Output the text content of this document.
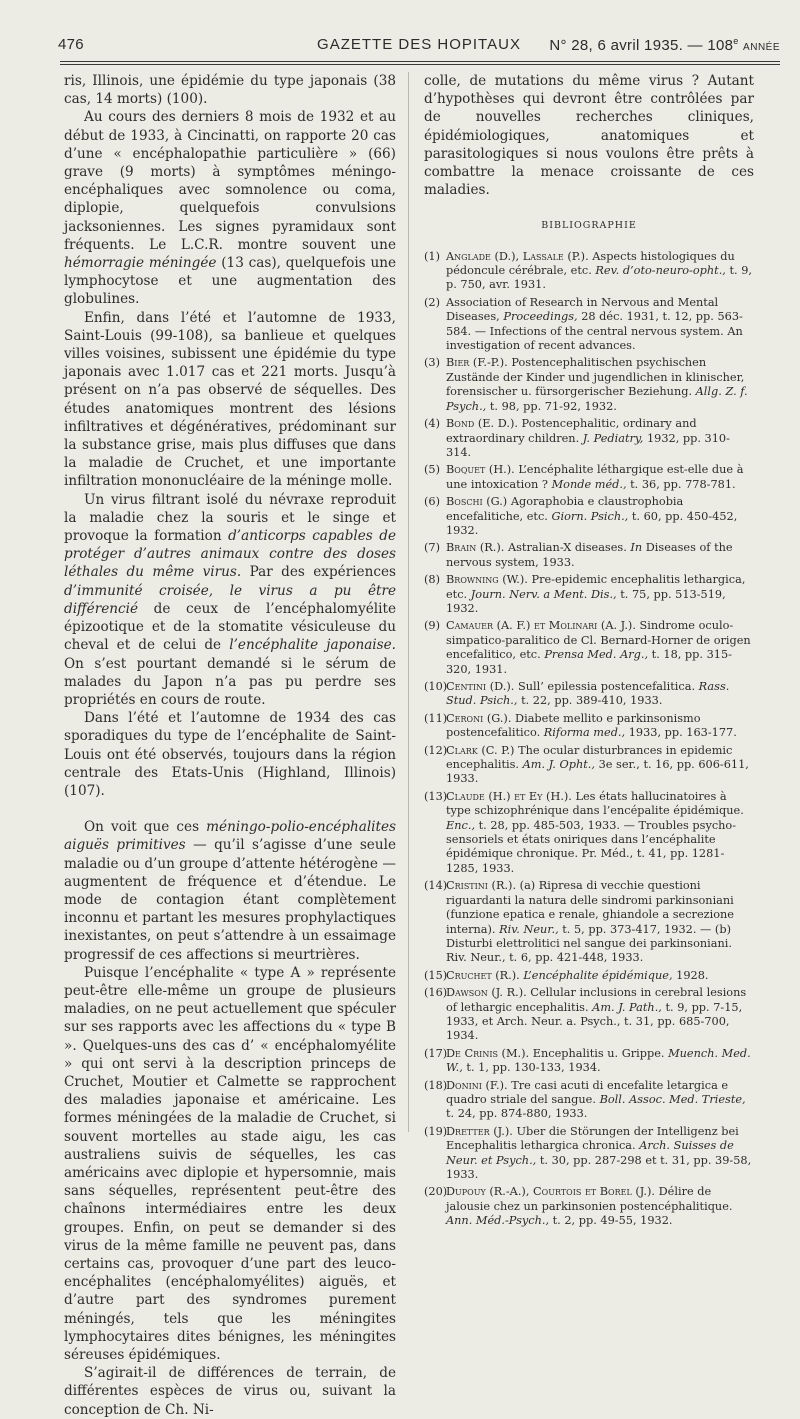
476	GAZETTE DES HOPITAUX	N° 28, 6 avril 1935. — 108e ANNÉE

ris, Illinois, une épidémie du type japonais (38 cas, 14 morts) (100).

Au cours des derniers 8 mois de 1932 et au début de 1933, à Cincinatti, on rapporte 20 cas d’une « encéphalopathie particulière » (66) grave (9 morts) à symptômes méningo-encéphaliques avec somnolence ou coma, diplopie, quelquefois convulsions jacksoniennes. Les signes pyramidaux sont fréquents. Le L.C.R. montre souvent une hémorragie méningée (13 cas), quelquefois une lymphocytose et une augmentation des globulines.

Enfin, dans l’été et l’automne de 1933, Saint-Louis (99-108), sa banlieue et quelques villes voisines, subissent une épidémie du type japonais avec 1.017 cas et 221 morts. Jusqu’à présent on n’a pas observé de séquelles. Des études anatomiques montrent des lésions infiltratives et dégénératives, prédominant sur la substance grise, mais plus diffuses que dans la maladie de Cruchet, et une importante infiltration mononucléaire de la méninge molle.

Un virus filtrant isolé du névraxe reproduit la maladie chez la souris et le singe et provoque la formation d’anticorps capables de protéger d’autres animaux contre des doses léthales du même virus. Par des expériences d’immunité croisée, le virus a pu être différencié de ceux de l’encéphalomyélite épizootique et de la stomatite vésiculeuse du cheval et de celui de l’encéphalite japonaise. On s’est pourtant demandé si le sérum de malades du Japon n’a pas pu perdre ses propriétés en cours de route.

Dans l’été et l’automne de 1934 des cas sporadiques du type de l’encéphalite de Saint-Louis ont été observés, toujours dans la région centrale des Etats-Unis (Highland, Illinois) (107).

On voit que ces méningo-polio-encéphalites aiguës primitives — qu’il s’agisse d’une seule maladie ou d’un groupe d’attente hétérogène — augmentent de fréquence et d’étendue. Le mode de contagion étant complètement inconnu et partant les mesures prophylactiques inexistantes, on peut s’attendre à un essaimage progressif de ces affections si meurtrières.

Puisque l’encéphalite « type A » représente peut-être elle-même un groupe de plusieurs maladies, on ne peut actuellement que spéculer sur ses rapports avec les affections du « type B ». Quelques-uns des cas d’ « encéphalomyélite » qui ont servi à la description princeps de Cruchet, Moutier et Calmette se rapprochent des maladies japonaise et américaine. Les formes méningées de la maladie de Cruchet, si souvent mortelles au stade aigu, les cas australiens suivis de séquelles, les cas américains avec diplopie et hypersomnie, mais sans séquelles, représentent peut-être des chaînons intermédiaires entre les deux groupes. Enfin, on peut se demander si des virus de la même famille ne peuvent pas, dans certains cas, provoquer d’une part des leuco-encéphalites (encéphalomyélites) aiguës, et d’autre part des syndromes purement méningés, tels que les méningites lymphocytaires dites bénignes, les méningites séreuses épidémiques.

S’agirait-il de différences de terrain, de différentes espèces de virus ou, suivant la conception de Ch. Ni-

colle, de mutations du même virus ? Autant d’hypothèses qui devront être contrôlées par de nouvelles recherches cliniques, épidémiologiques, anatomiques et parasitologiques si nous voulons être prêts à combattre la menace croissante de ces maladies.

BIBLIOGRAPHIE
(1) Anglade (D.), Lassale (P.). Aspects histologiques du pédoncule cérébrale, etc. Rev. d’oto-neuro-opht., t. 9, p. 750, avr. 1931.
(2) Association of Research in Nervous and Mental Diseases, Proceedings, 28 déc. 1931, t. 12, pp. 563-584. — Infections of the central nervous system. An investigation of recent advances.
(3) Bier (F.-P.). Postencephalitischen psychischen Zustände der Kinder und jugendlichen in klinischer, forensischer u. fürsorgerischer Beziehung. Allg. Z. f. Psych., t. 98, pp. 71-92, 1932.
(4) Bond (E. D.). Postencephalitic, ordinary and extraordinary children. J. Pediatry, 1932, pp. 310-314.
(5) Boquet (H.). L’encéphalite léthargique est-elle due à une intoxication ? Monde méd., t. 36, pp. 778-781.
(6) Boschi (G.) Agoraphobia e claustrophobia encefalitiche, etc. Giorn. Psich., t. 60, pp. 450-452, 1932.
(7) Brain (R.). Astralian-X diseases. In Diseases of the nervous system, 1933.
(8) Browning (W.). Pre-epidemic encephalitis lethargica, etc. Journ. Nerv. a Ment. Dis., t. 75, pp. 513-519, 1932.
(9) Camauer (A. F.) et Molinari (A. J.). Sindrome oculo-simpatico-paralitico de Cl. Bernard-Horner de origen encefalitico, etc. Prensa Med. Arg., t. 18, pp. 315-320, 1931.
(10)
Centini (D.). Sull’ epilessia postencefalitica. Rass. Stud. Psich., t. 22, pp. 389-410, 1933.
(11)
Ceroni (G.). Diabete mellito e parkinsonismo postencefalitico. Riforma med., 1933, pp. 163-177.
(12)
Clark (C. P.) The ocular disturbrances in epidemic encephalitis. Am. J. Opht., 3e ser., t. 16, pp. 606-611, 1933.
(13)
Claude (H.) et Ey (H.). Les états hallucinatoires à type schizophrénique dans l’encépalite épidémique. Enc., t. 28, pp. 485-503, 1933. — Troubles psycho-sensoriels et états oniriques dans l’encéphalite épidémique chronique. Pr. Méd., t. 41, pp. 1281-1285, 1933.
(14)
Cristini (R.). (a) Ripresa di vecchie questioni riguardanti la natura delle sindromi parkinsoniani (funzione epatica e renale, ghiandole a secrezione interna). Riv. Neur., t. 5, pp. 373-417, 1932. — (b) Disturbi elettrolitici nel sangue dei parkinsoniani. Riv. Neur., t. 6, pp. 421-448, 1933.
(15)
Cruchet (R.). L’encéphalite épidémique, 1928.
(16)
Dawson (J. R.). Cellular inclusions in cerebral lesions of lethargic encephalitis. Am. J. Path., t. 9, pp. 7-15, 1933, et Arch. Neur. a. Psych., t. 31, pp. 685-700, 1934.
(17)
De Crinis (M.). Encephalitis u. Grippe. Muench. Med. W., t. 1, pp. 130-133, 1934.
(18)
Donini (F.). Tre casi acuti di encefalite letargica e quadro striale del sangue. Boll. Assoc. Med. Trieste, t. 24, pp. 874-880, 1933.
(19)
Dretter (J.). Uber die Störungen der Intelligenz bei Encephalitis lethargica chronica. Arch. Suisses de Neur. et Psych., t. 30, pp. 287-298 et t. 31, pp. 39-58, 1933.
(20)
Dupouy (R.-A.), Courtois et Borel (J.). Délire de jalousie chez un parkinsonien postencéphalitique. Ann. Méd.-Psych., t. 2, pp. 49-55, 1932.
